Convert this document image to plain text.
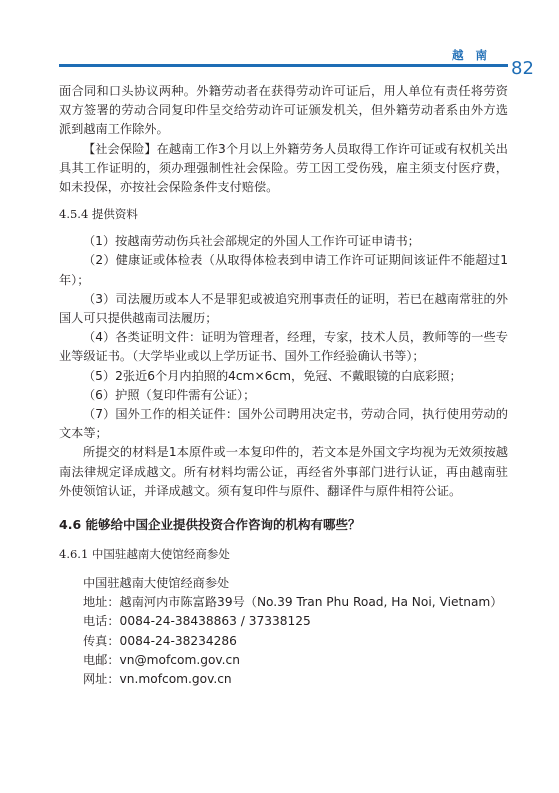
越 南
82

面合同和口头协议两种。外籍劳动者在获得劳动许可证后，用人单位有责任将劳资双方签署的劳动合同复印件呈交给劳动许可证颁发机关，但外籍劳动者系由外方选派到越南工作除外。

【社会保险】在越南工作3个月以上外籍劳务人员取得工作许可证或有权机关出具其工作证明的，须办理强制性社会保险。劳工因工受伤残，雇主须支付医疗费，如未投保，亦按社会保险条件支付赔偿。

4.5.4 提供资料

（1）按越南劳动伤兵社会部规定的外国人工作许可证申请书；

（2）健康证或体检表（从取得体检表到申请工作许可证期间该证件不能超过1年）；

（3）司法履历或本人不是罪犯或被追究刑事责任的证明，若已在越南常驻的外国人可只提供越南司法履历；

（4）各类证明文件：证明为管理者，经理，专家，技术人员，教师等的一些专业等级证书。（大学毕业或以上学历证书、国外工作经验确认书等）；

（5）2张近6个月内拍照的4cm×6cm，免冠、不戴眼镜的白底彩照；

（6）护照（复印件需有公证）；

（7）国外工作的相关证件：国外公司聘用决定书，劳动合同，执行使用劳动的文本等；

所提交的材料是1本原件或一本复印件的，若文本是外国文字均视为无效须按越南法律规定译成越文。所有材料均需公证，再经省外事部门进行认证，再由越南驻外使领馆认证，并译成越文。须有复印件与原件、翻译件与原件相符公证。

4.6 能够给中国企业提供投资合作咨询的机构有哪些？
4.6.1 中国驻越南大使馆经商参处

中国驻越南大使馆经商参处

地址：越南河内市陈富路39号（No.39 Tran Phu Road, Ha Noi, Vietnam）

电话：0084-24-38438863 / 37338125

传真：0084-24-38234286

电邮：vn@mofcom.gov.cn

网址：vn.mofcom.gov.cn
